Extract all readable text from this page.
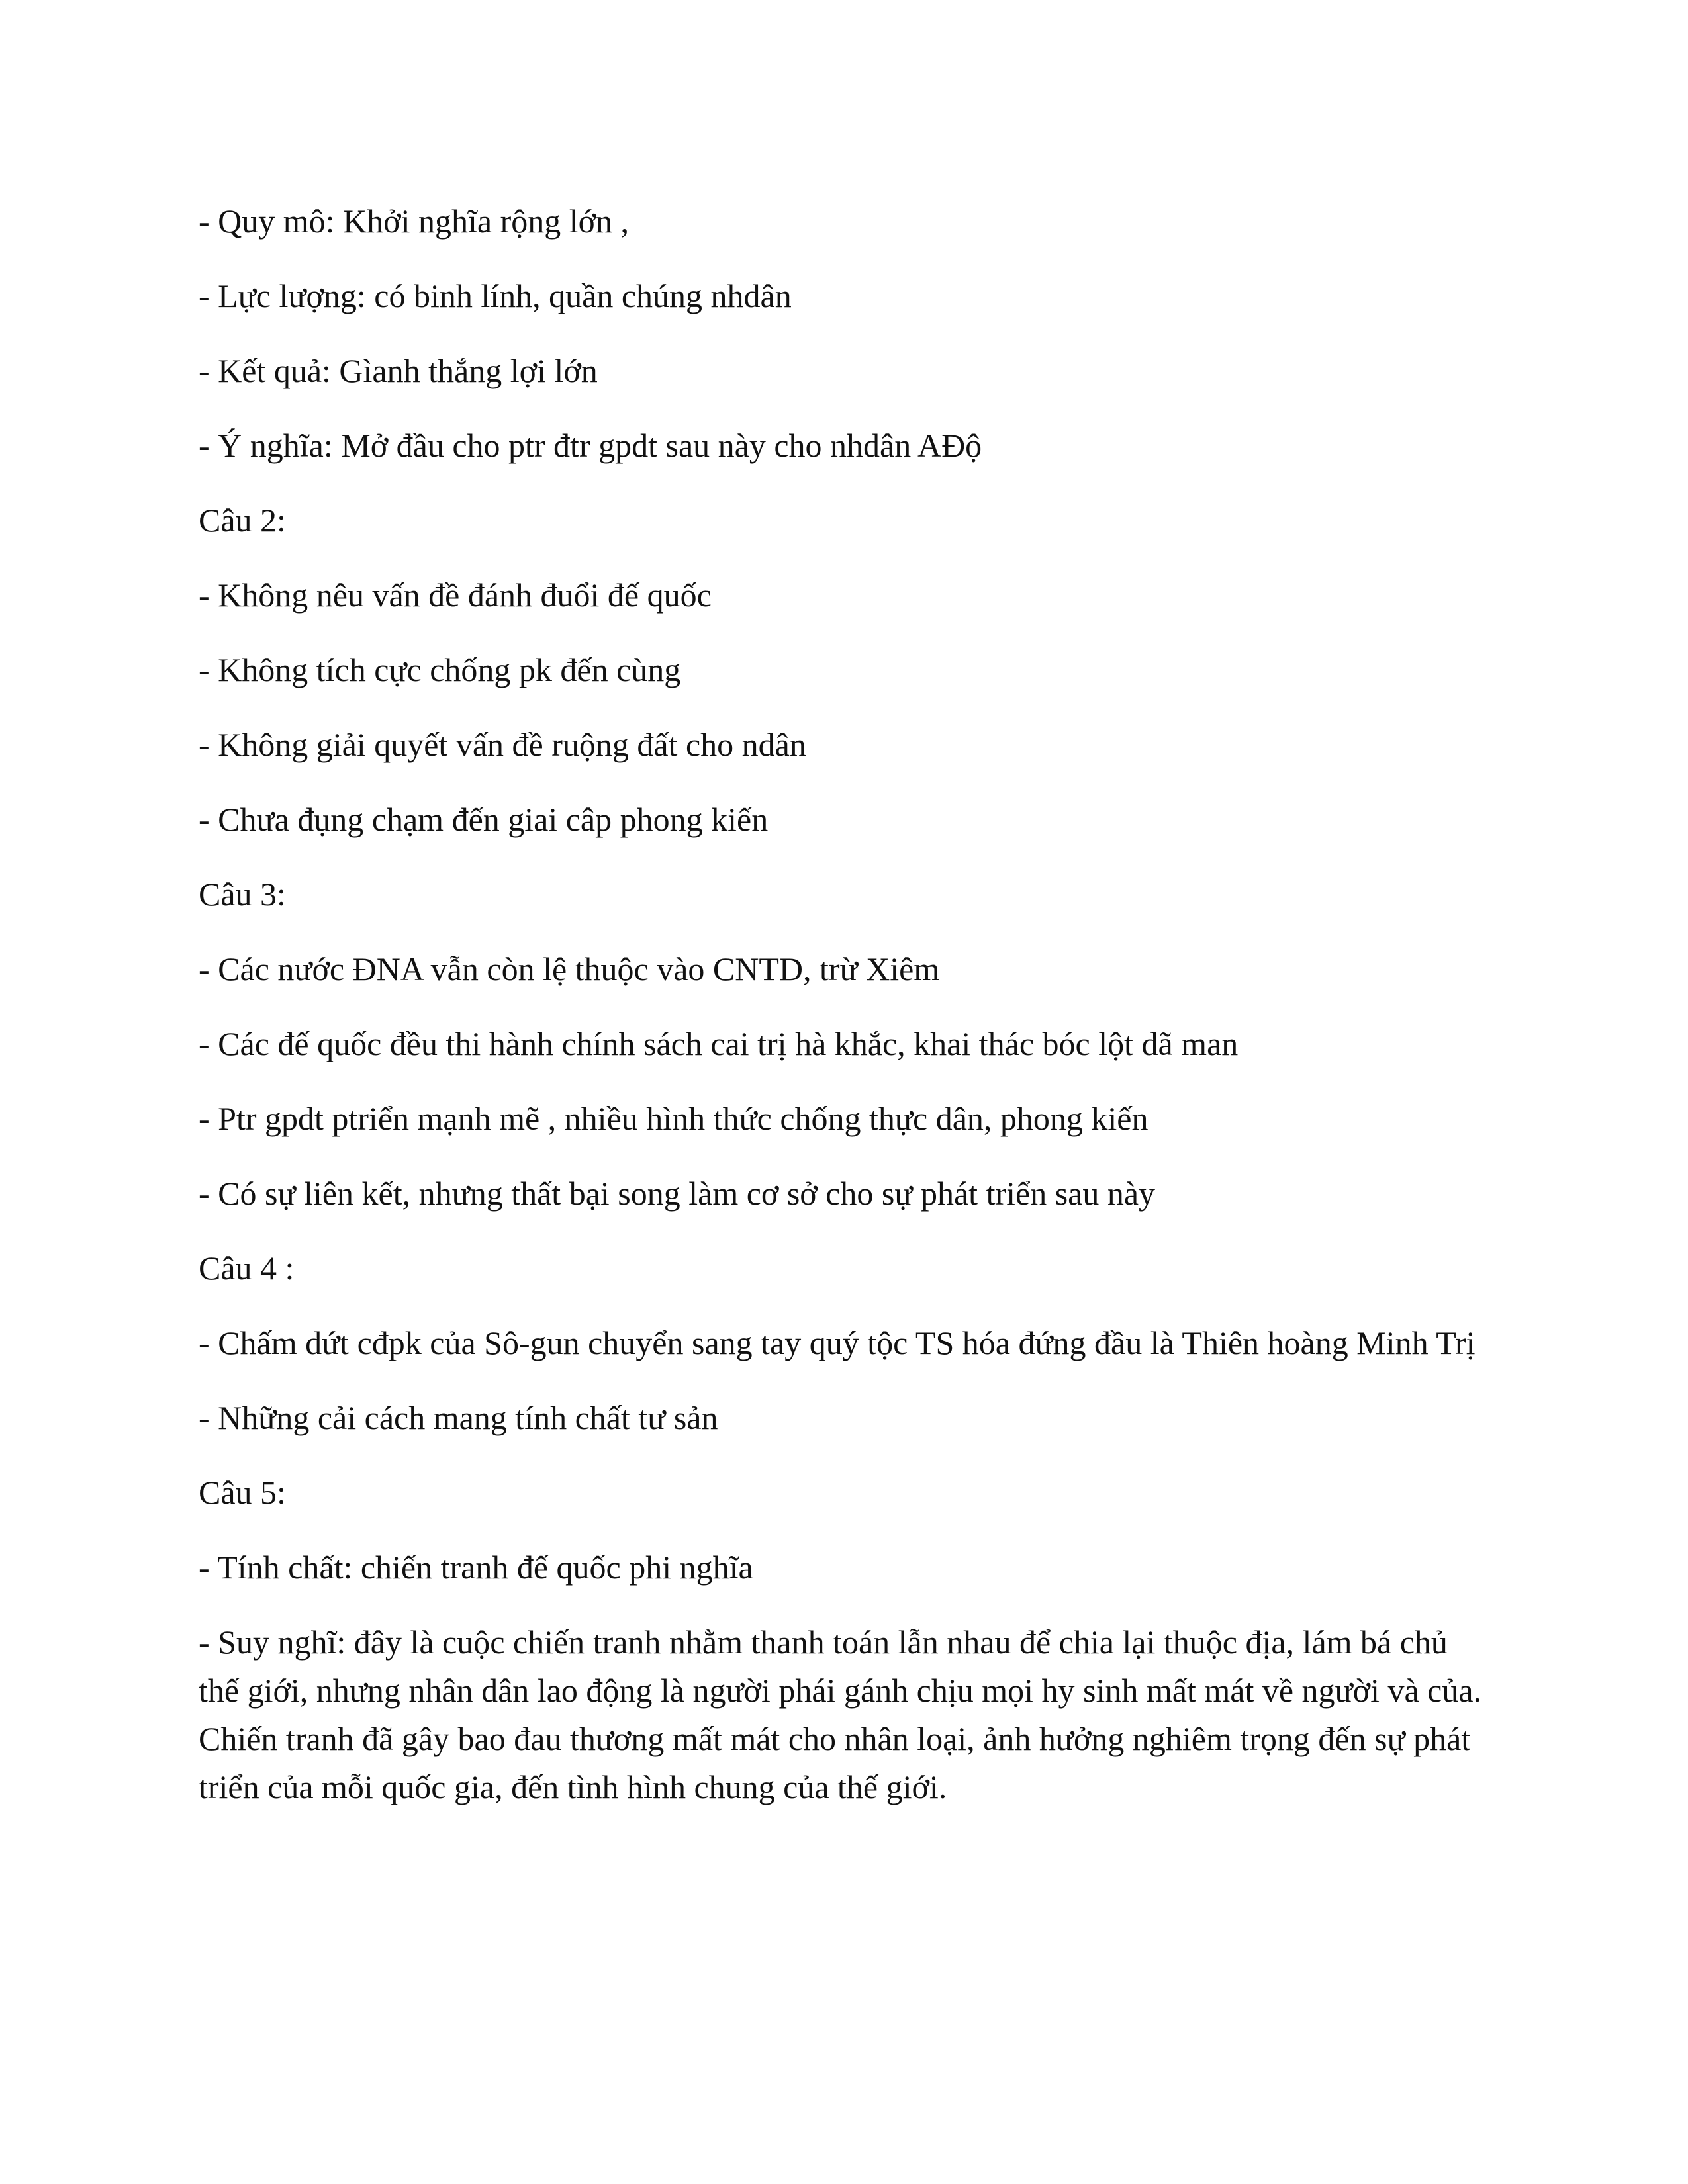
- Quy mô: Khởi nghĩa rộng lớn ,

- Lực lượng: có binh lính, quần chúng nhdân

- Kết quả: Gìanh thắng lợi lớn

- Ý nghĩa: Mở đầu cho ptr đtr gpdt sau này cho nhdân AĐộ

Câu 2:

- Không nêu vấn đề đánh đuổi đế quốc

- Không tích cực chống pk đến cùng

- Không giải quyết vấn đề ruộng đất cho ndân

- Chưa đụng chạm đến giai câp phong kiến

Câu 3:

- Các nước ĐNA vẫn còn lệ thuộc vào CNTD, trừ Xiêm

- Các đế quốc đều thi hành chính sách cai trị hà khắc, khai thác bóc lột dã man

- Ptr gpdt ptriển mạnh mẽ , nhiều hình thức chống thực dân, phong kiến

- Có sự liên kết, nhưng thất bại song làm cơ sở cho sự phát triển sau này

Câu 4 :

- Chấm dứt cđpk của Sô-gun chuyển sang tay quý tộc TS hóa đứng đầu là Thiên hoàng Minh Trị

- Những cải cách mang tính chất tư sản

Câu 5:

- Tính chất: chiến tranh đế quốc phi nghĩa

- Suy nghĩ: đây là cuộc chiến tranh nhằm thanh toán lẫn nhau để chia lại thuộc địa, lám bá chủ thế giới, nhưng nhân dân lao động là người phái gánh chịu mọi hy sinh mất mát về người và của. Chiến tranh đã gây bao đau thương mất mát cho nhân loại, ảnh hưởng nghiêm trọng đến sự phát triển của mỗi quốc gia, đến tình hình chung của thế giới.
